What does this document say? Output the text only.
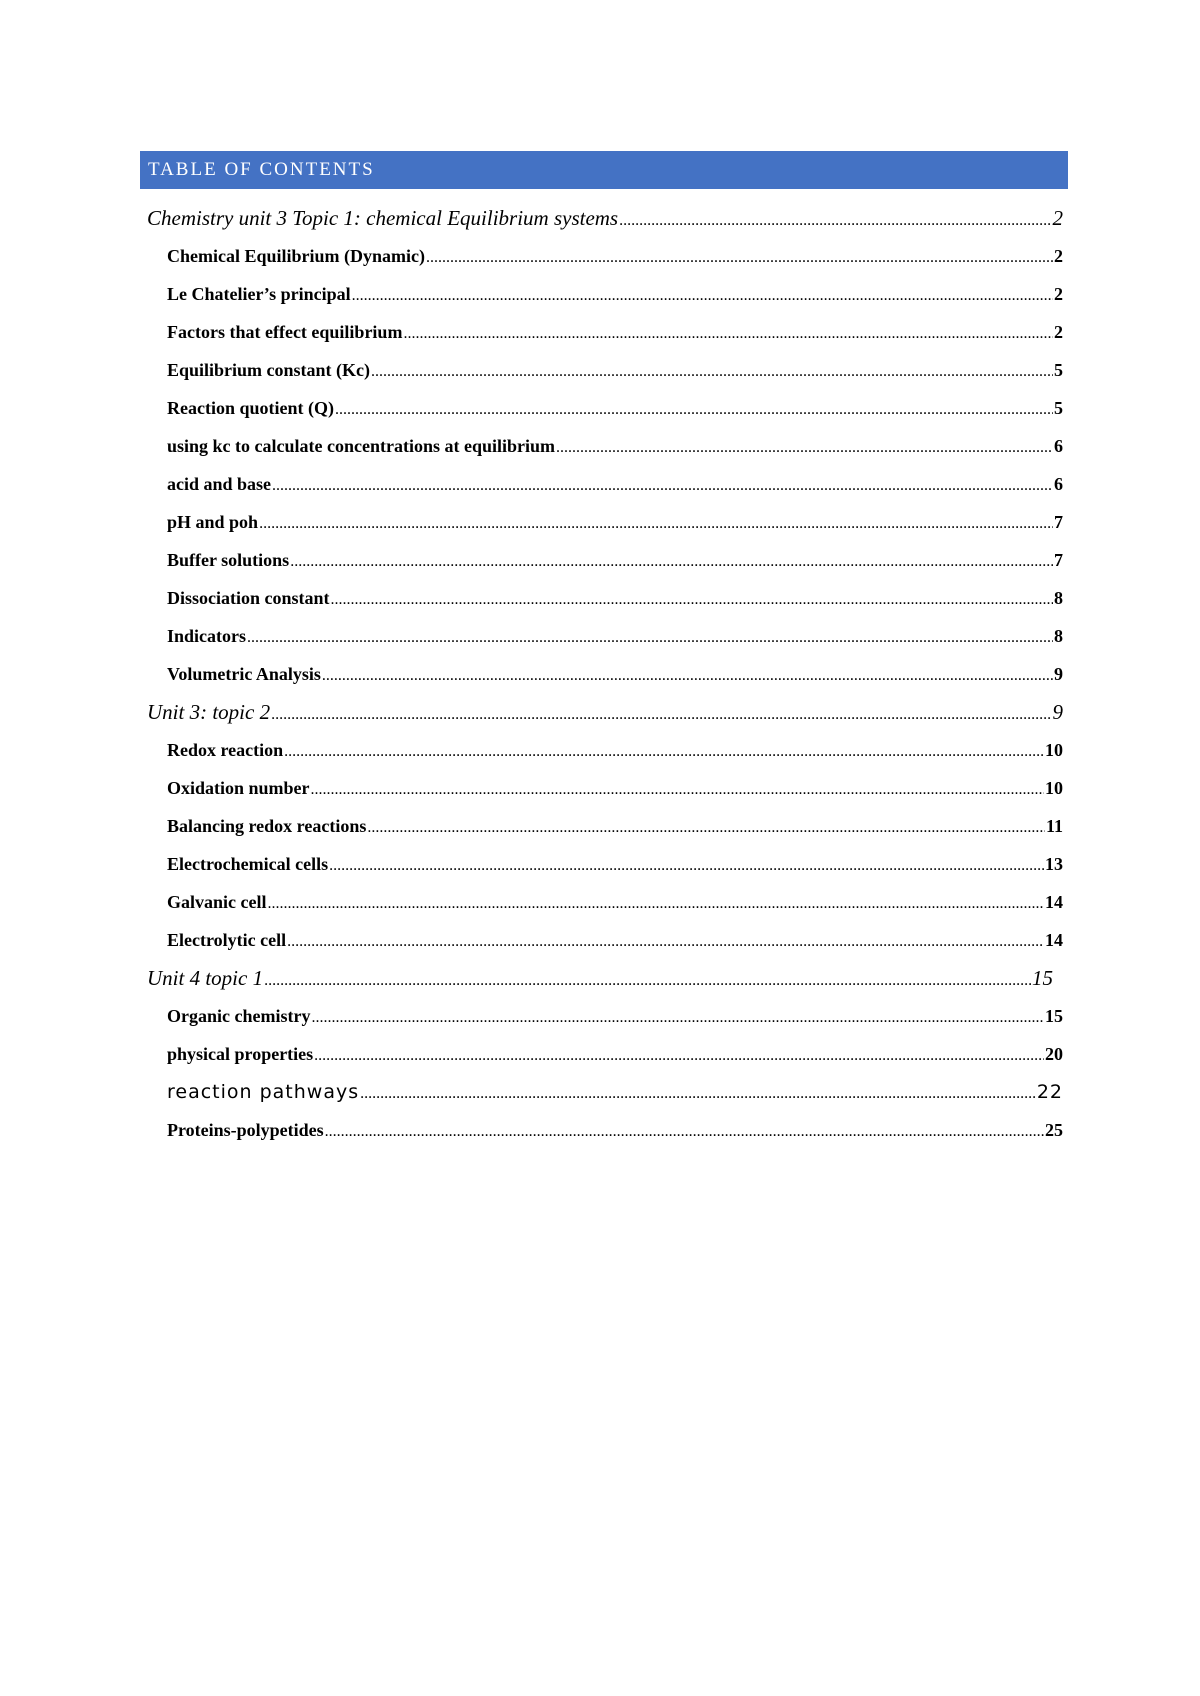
TABLE OF CONTENTS
Chemistry unit 3 Topic 1: chemical Equilibrium systems .....	2
Chemical Equilibrium (Dynamic) .....	2
Le Chatelier’s principal .....	2
Factors that effect equilibrium .....	2
Equilibrium constant (Kc) .....	5
Reaction quotient (Q) .....	5
using kc to calculate concentrations at equilibrium .....	6
acid and base .....	6
pH and poh .....	7
Buffer solutions .....	7
Dissociation constant .....	8
Indicators .....	8
Volumetric Analysis .....	9
Unit 3: topic 2 .....	9
Redox reaction .....	10
Oxidation number .....	10
Balancing redox reactions .....	11
Electrochemical cells .....	13
Galvanic cell .....	14
Electrolytic cell .....	14
Unit 4 topic 1 .....	15
Organic chemistry .....	15
physical properties .....	20
reaction pathways .....	22
Proteins-polypetides .....	25
